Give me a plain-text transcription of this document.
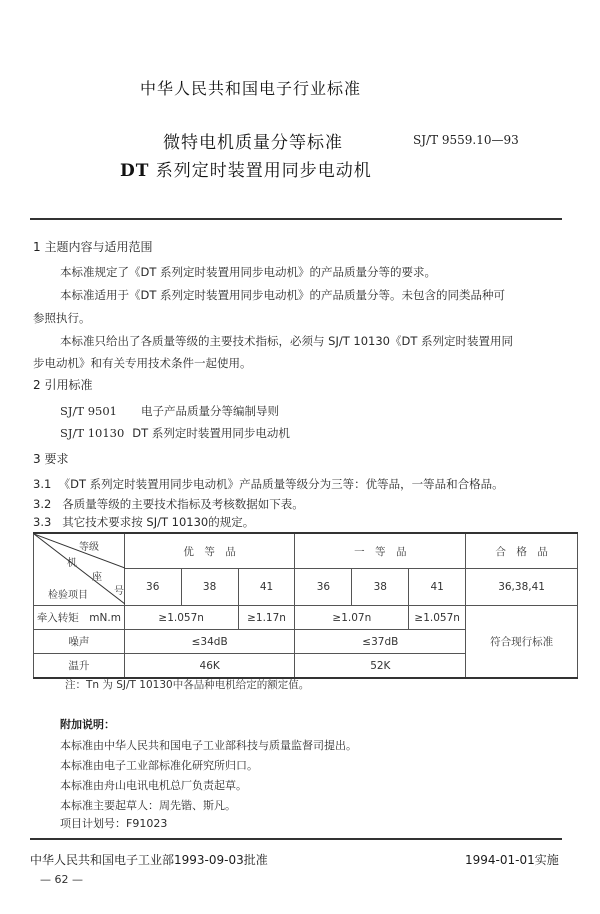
中华人民共和国电子行业标准
微特电机质量分等标准
DT 系列定时装置用同步电动机
SJ/T 9559.10—93
1 主题内容与适用范围
本标准规定了《DT 系列定时装置用同步电动机》的产品质量分等的要求。
本标准适用于《DT 系列定时装置用同步电动机》的产品质量分等。未包含的同类品种可
参照执行。
本标准只给出了各质量等级的主要技术指标，必须与 SJ/T 10130《DT 系列定时装置用同
步电动机》和有关专用技术条件一起使用。
2 引用标准
SJ/T 9501 电子产品质量分等编制导则
SJ/T 10130 DT 系列定时装置用同步电动机
3 要求
3.1 《DT 系列定时装置用同步电动机》产品质量等级分为三等：优等品，一等品和合格品。
3.2 各质量等级的主要技术指标及考核数据如下表。
3.3 其它技术要求按 SJ/T 10130的规定。
等级
机
座
号
检验项目	优　等　品			一　等　品			合　格　品
	36	38	41	36	38	41	36,38,41
牵入转矩　mN.m	≥1.057n		≥1.17n	≥1.07n		≥1.057n	符合现行标准
噪声	≤34dB			≤37dB			
温升	46K			52K			
注：Tn 为 SJ/T 10130中各品种电机给定的额定值。
附加说明：
本标准由中华人民共和国电子工业部科技与质量监督司提出。
本标准由电子工业部标准化研究所归口。
本标准由舟山电讯电机总厂负责起草。
本标准主要起草人：周先锴、斯凡。
项目计划号：F91023
中华人民共和国电子工业部1993-09-03批准	1994-01-01实施
— 62 —
